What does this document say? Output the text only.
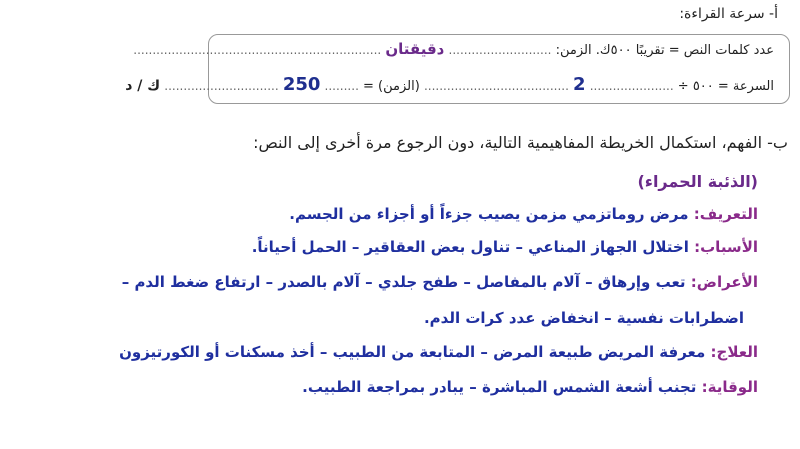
أ- سرعة القراءة:
عدد كلمات النص = تقريبًا ٥٠٠ك. الزمن: ........................... دقيقتان .................................................................
السرعة = ٥٠٠ ÷ ...................... 2 ...................................... (الزمن) = ......... 250 .............................. ك / د
ب- الفهم، استكمال الخريطة المفاهيمية التالية، دون الرجوع مرة أخرى إلى النص:
(الذئبة الحمراء)
التعريف: مرض روماتزمي مزمن يصيب جزءاً أو أجزاء من الجسم.
الأسباب: اختلال الجهاز المناعي – تناول بعض العقاقير – الحمل أحياناً.
الأعراض: تعب وإرهاق – آلام بالمفاصل – طفح جلدي – آلام بالصدر – ارتفاع ضغط الدم –
اضطرابات نفسية – انخفاض عدد كرات الدم.
العلاج: معرفة المريض طبيعة المرض – المتابعة من الطبيب – أخذ مسكنات أو الكورتيزون
الوقاية: تجنب أشعة الشمس المباشرة – يبادر بمراجعة الطبيب.
